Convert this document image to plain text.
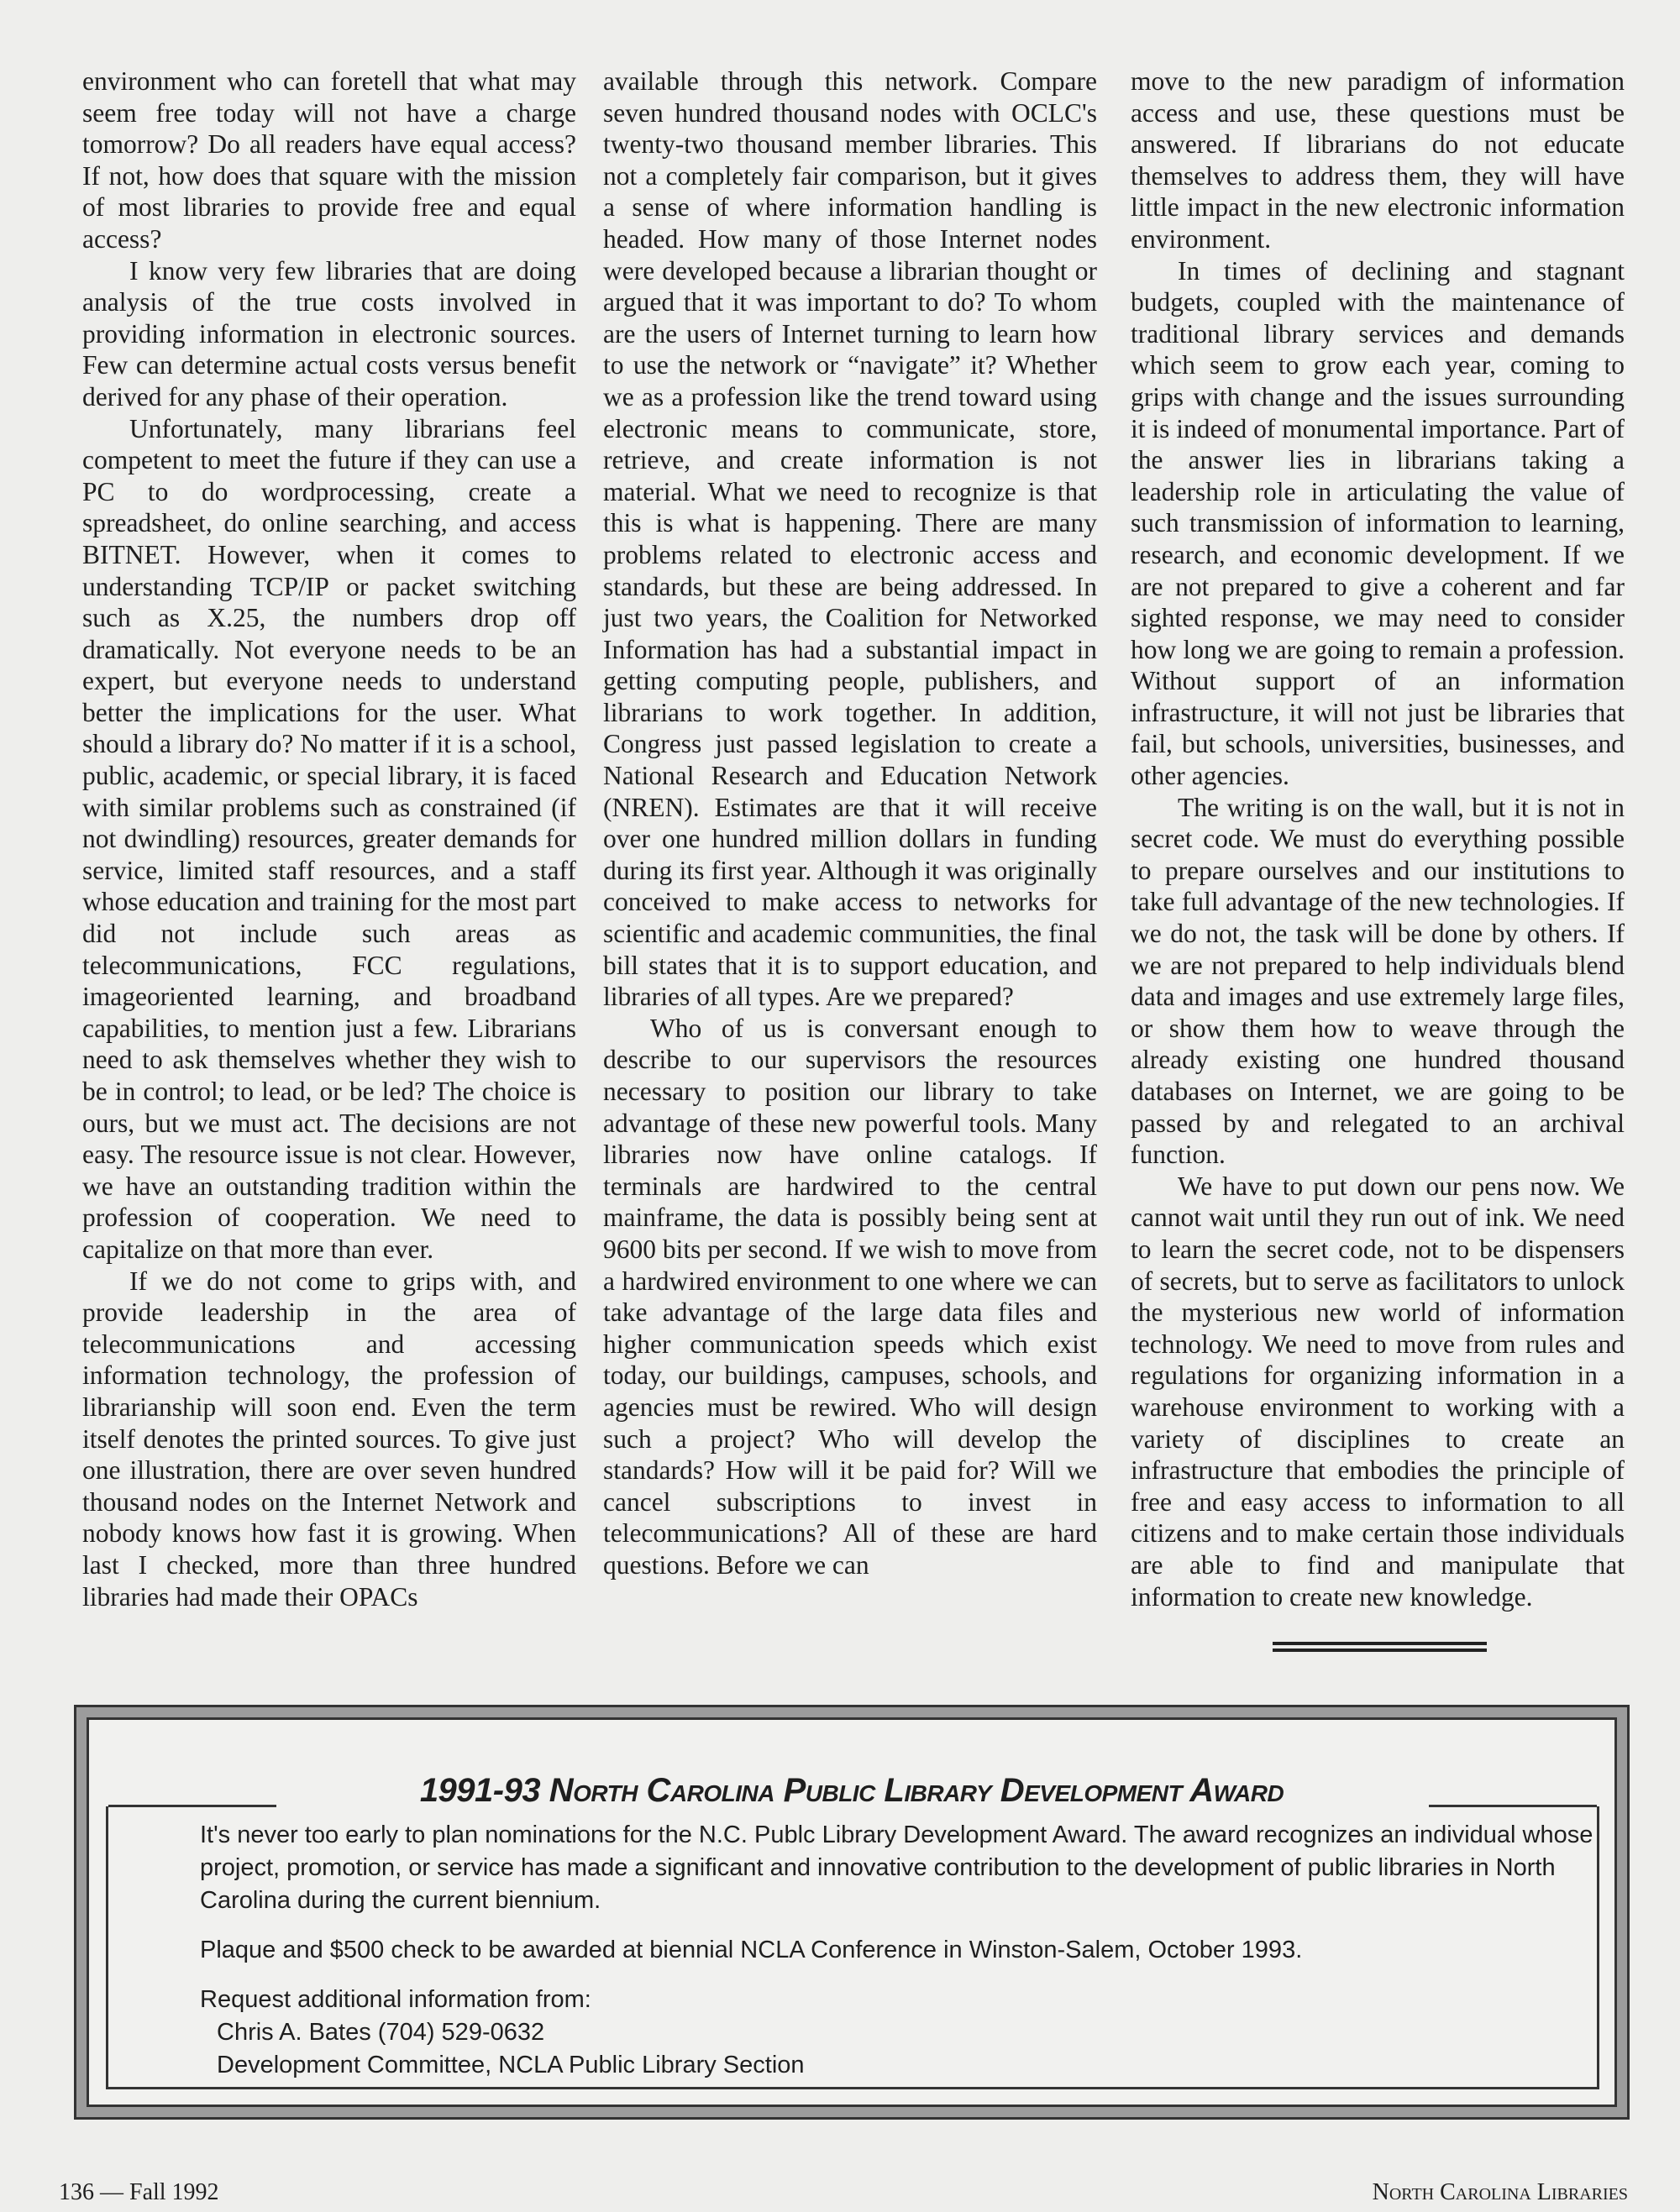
environment who can foretell that what may seem free today will not have a charge tomorrow? Do all readers have equal access? If not, how does that square with the mission of most libraries to provide free and equal access?

I know very few libraries that are doing analysis of the true costs involved in providing information in electronic sources. Few can determine actual costs versus benefit derived for any phase of their operation.

Unfortunately, many librarians feel competent to meet the future if they can use a PC to do wordprocessing, create a spreadsheet, do online searching, and access BITNET. However, when it comes to understanding TCP/IP or packet switching such as X.25, the numbers drop off dramatically. Not everyone needs to be an expert, but everyone needs to understand better the implications for the user. What should a library do? No matter if it is a school, public, academic, or special library, it is faced with similar problems such as constrained (if not dwindling) resources, greater demands for service, limited staff resources, and a staff whose education and training for the most part did not include such areas as telecommunications, FCC regulations, imageoriented learning, and broadband capabilities, to mention just a few. Librarians need to ask themselves whether they wish to be in control; to lead, or be led? The choice is ours, but we must act. The decisions are not easy. The resource issue is not clear. However, we have an outstanding tradition within the profession of cooperation. We need to capitalize on that more than ever.

If we do not come to grips with, and provide leadership in the area of telecommunications and accessing information technology, the profession of librarianship will soon end. Even the term itself denotes the printed sources. To give just one illustration, there are over seven hundred thousand nodes on the Internet Network and nobody knows how fast it is growing. When last I checked, more than three hundred libraries had made their OPACs

available through this network. Compare seven hundred thousand nodes with OCLC's twenty-two thousand member libraries. This not a completely fair comparison, but it gives a sense of where information handling is headed. How many of those Internet nodes were developed because a librarian thought or argued that it was important to do? To whom are the users of Internet turning to learn how to use the network or “navigate” it? Whether we as a profession like the trend toward using electronic means to communicate, store, retrieve, and create information is not material. What we need to recognize is that this is what is happening. There are many problems related to electronic access and standards, but these are being addressed. In just two years, the Coalition for Networked Information has had a substantial impact in getting computing people, publishers, and librarians to work together. In addition, Congress just passed legislation to create a National Research and Education Network (NREN). Estimates are that it will receive over one hundred million dollars in funding during its first year. Although it was originally conceived to make access to networks for scientific and academic communities, the final bill states that it is to support education, and libraries of all types. Are we prepared?

Who of us is conversant enough to describe to our supervisors the resources necessary to position our library to take advantage of these new powerful tools. Many libraries now have online catalogs. If terminals are hardwired to the central mainframe, the data is possibly being sent at 9600 bits per second. If we wish to move from a hardwired environment to one where we can take advantage of the large data files and higher communication speeds which exist today, our buildings, campuses, schools, and agencies must be rewired. Who will design such a project? Who will develop the standards? How will it be paid for? Will we cancel subscriptions to invest in telecommunications? All of these are hard questions. Before we can

move to the new paradigm of information access and use, these questions must be answered. If librarians do not educate themselves to address them, they will have little impact in the new electronic information environment.

In times of declining and stagnant budgets, coupled with the maintenance of traditional library services and demands which seem to grow each year, coming to grips with change and the issues surrounding it is indeed of monumental importance. Part of the answer lies in librarians taking a leadership role in articulating the value of such transmission of information to learning, research, and economic development. If we are not prepared to give a coherent and far sighted response, we may need to consider how long we are going to remain a profession. Without support of an information infrastructure, it will not just be libraries that fail, but schools, universities, businesses, and other agencies.

The writing is on the wall, but it is not in secret code. We must do everything possible to prepare ourselves and our institutions to take full advantage of the new technologies. If we do not, the task will be done by others. If we are not prepared to help individuals blend data and images and use extremely large files, or show them how to weave through the already existing one hundred thousand databases on Internet, we are going to be passed by and relegated to an archival function.

We have to put down our pens now. We cannot wait until they run out of ink. We need to learn the secret code, not to be dispensers of secrets, but to serve as facilitators to unlock the mysterious new world of information technology. We need to move from rules and regulations for organizing information in a warehouse environment to working with a variety of disciplines to create an infrastructure that embodies the principle of free and easy access to information to all citizens and to make certain those individuals are able to find and manipulate that information to create new knowledge.

1991-93 North Carolina Public Library Development Award

It's never too early to plan nominations for the N.C. Publc Library Development Award. The award recognizes an individual whose project, promotion, or service has made a significant and innovative contribution to the development of public libraries in North Carolina during the current biennium.

Plaque and $500 check to be awarded at biennial NCLA Conference in Winston-Salem, October 1993.

Request additional information from:

Chris A. Bates (704) 529-0632

Development Committee, NCLA Public Library Section

136 — Fall 1992	North Carolina Libraries
